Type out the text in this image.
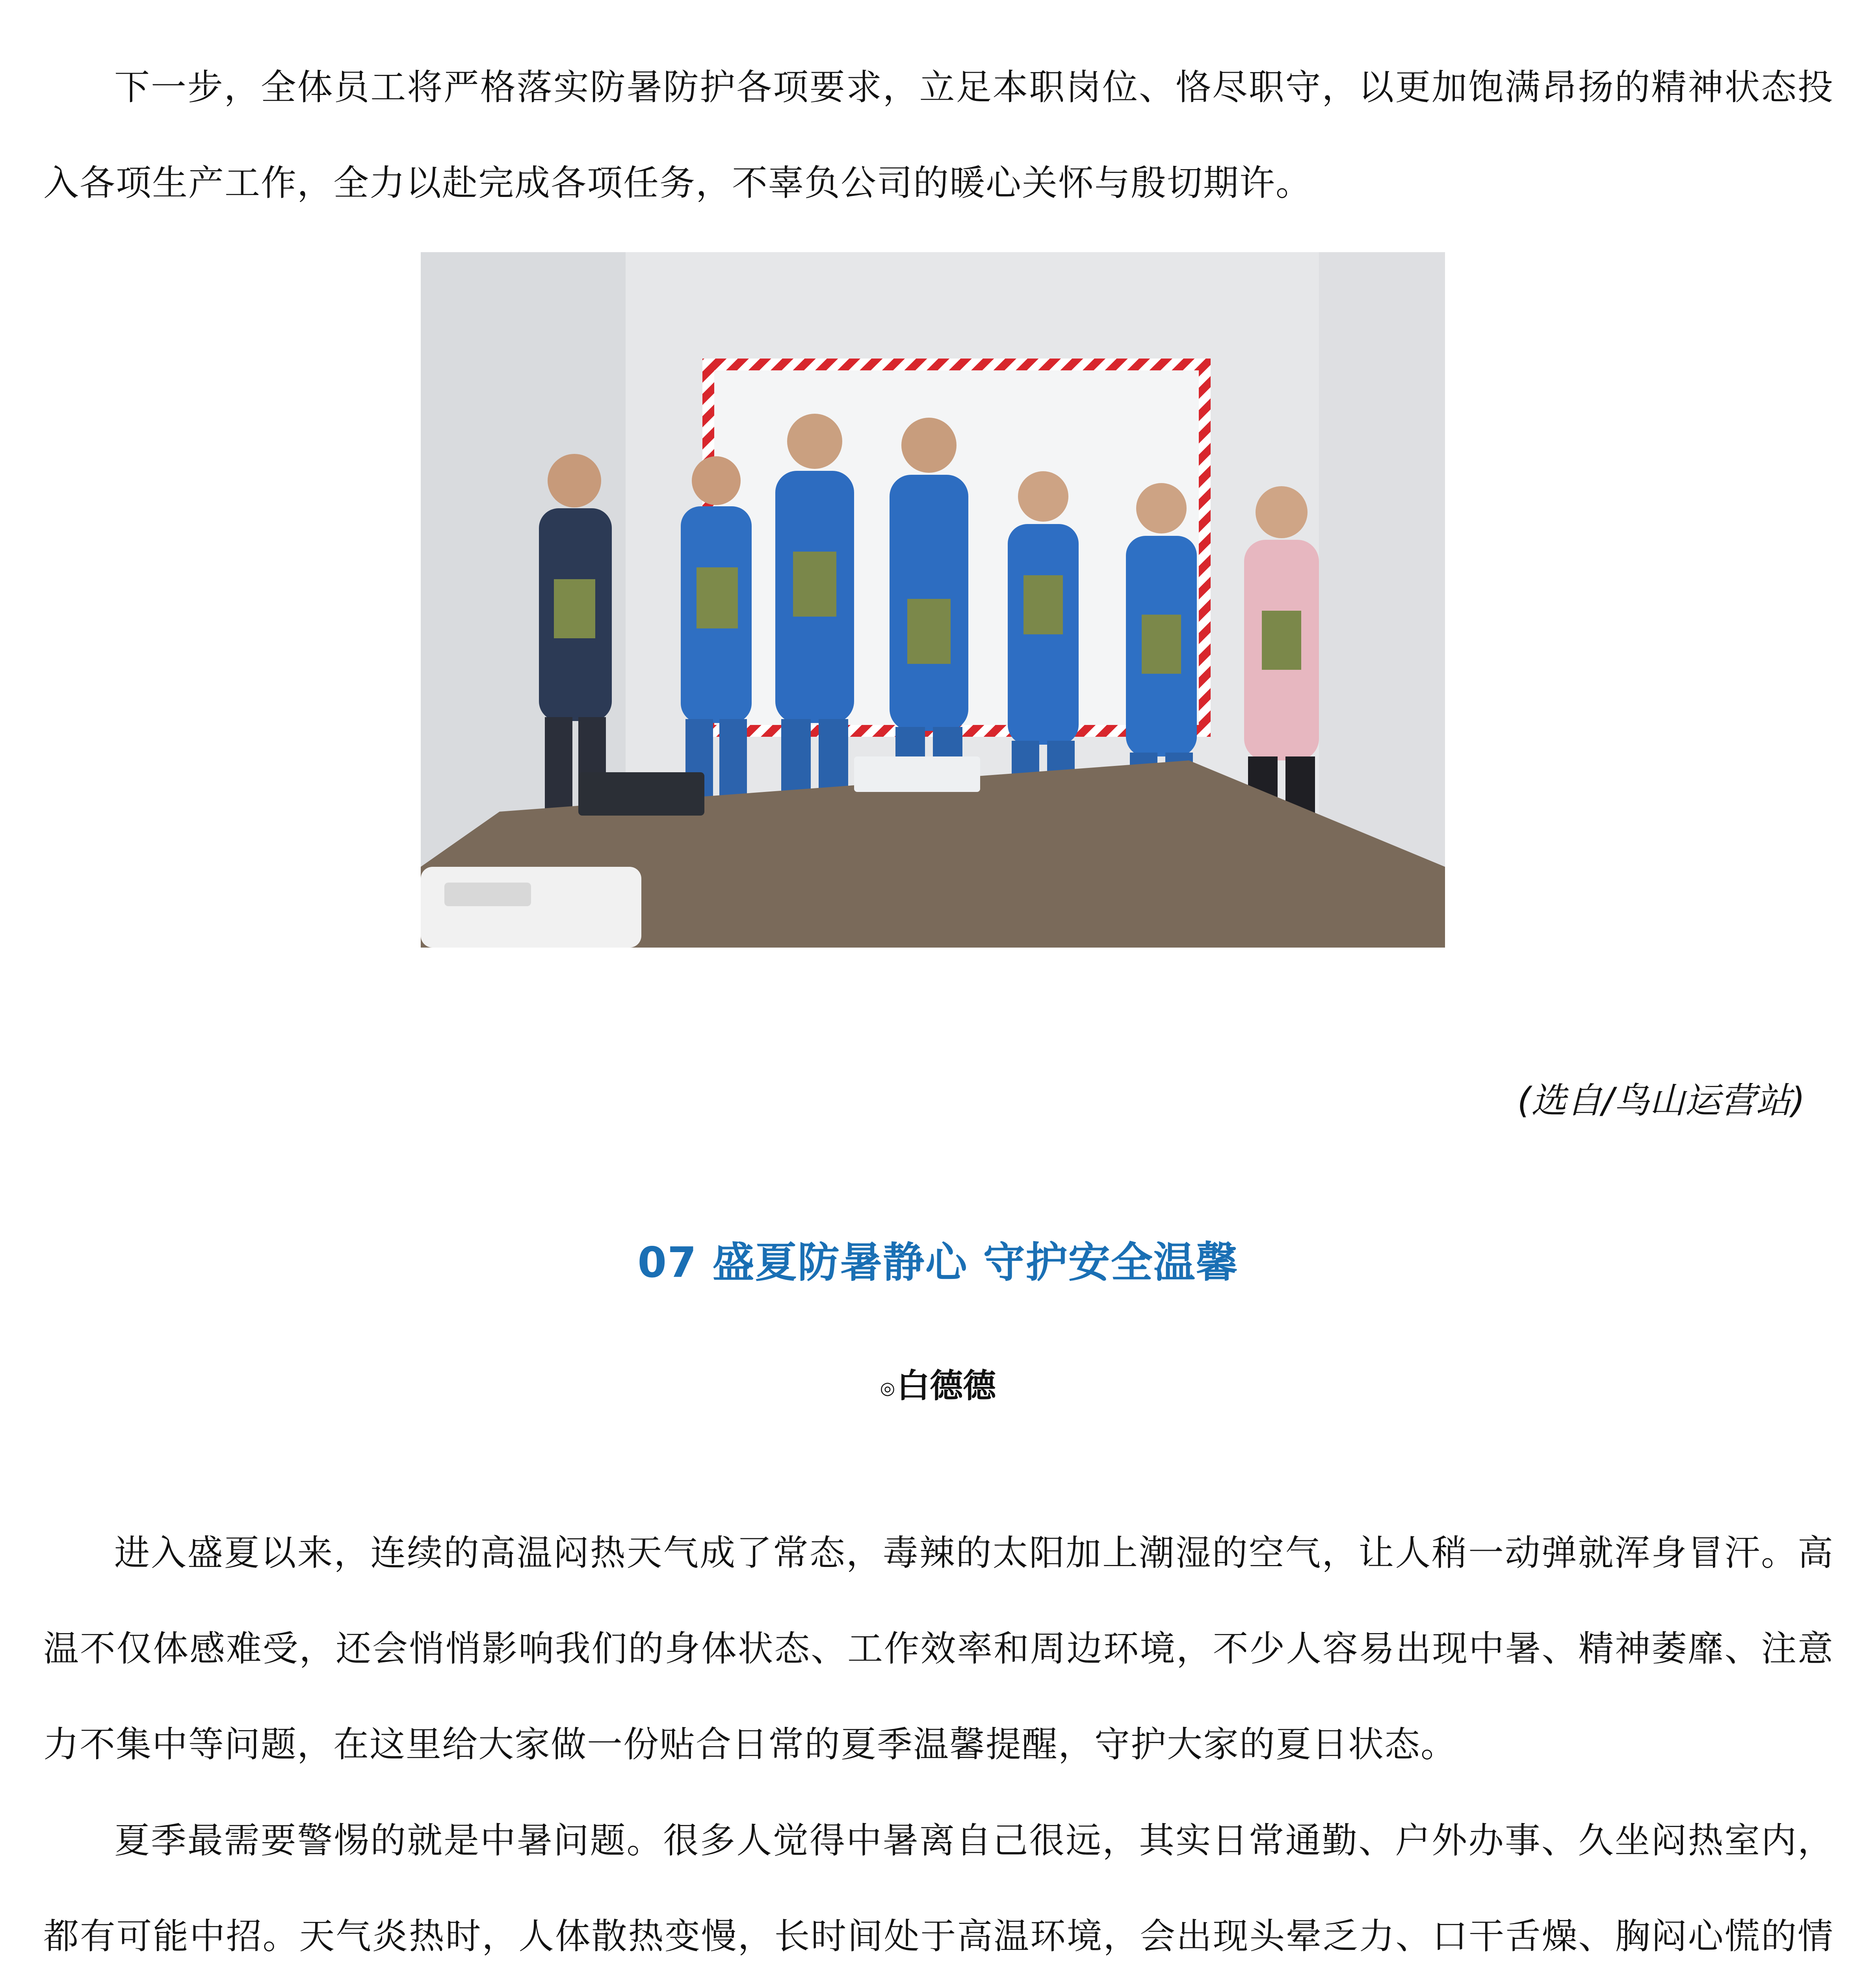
下一步，全体员工将严格落实防暑防护各项要求，立足本职岗位、恪尽职守，以更加饱满昂扬的精神状态投入各项生产工作，全力以赴完成各项任务，不辜负公司的暖心关怀与殷切期许。

(选自/鸟山运营站)

07 盛夏防暑静心 守护安全温馨

◎白德德

进入盛夏以来，连续的高温闷热天气成了常态，毒辣的太阳加上潮湿的空气，让人稍一动弹就浑身冒汗。高温不仅体感难受，还会悄悄影响我们的身体状态、工作效率和周边环境，不少人容易出现中暑、精神萎靡、注意力不集中等问题，在这里给大家做一份贴合日常的夏季温馨提醒，守护大家的夏日状态。

夏季最需要警惕的就是中暑问题。很多人觉得中暑离自己很远，其实日常通勤、户外办事、久坐闷热室内，都有可能中招。天气炎热时，人体散热变慢，长时间处于高温环境，会出现头晕乏力、口干舌燥、胸闷心慌的情
